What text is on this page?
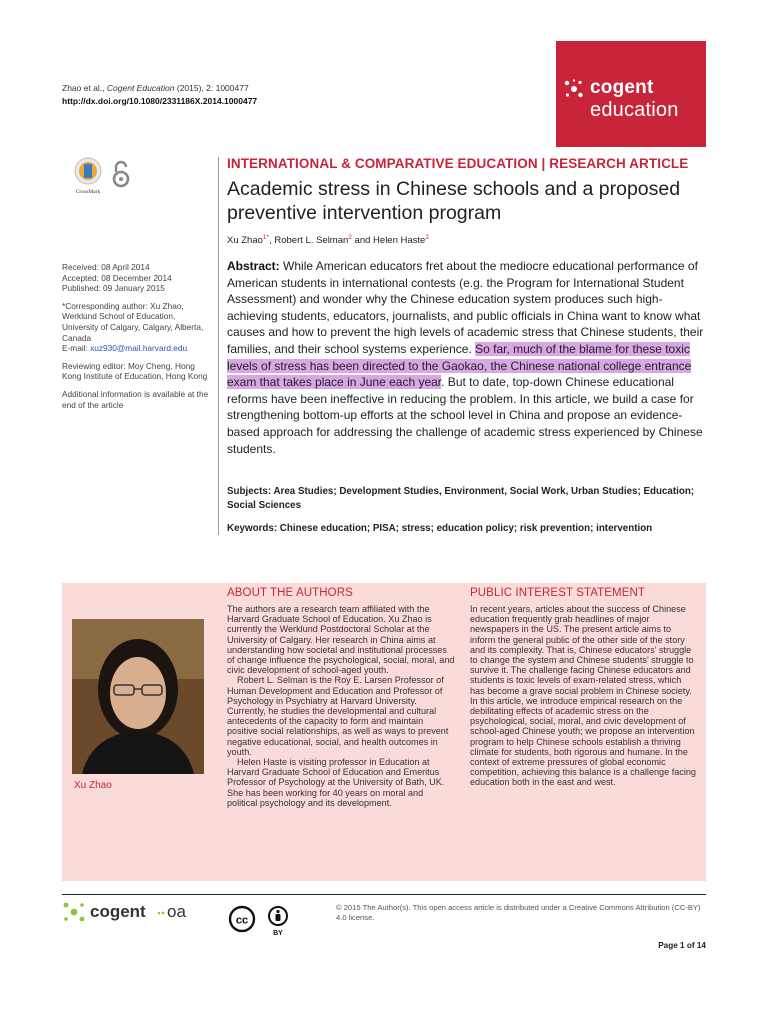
Zhao et al., Cogent Education (2015), 2: 1000477
http://dx.doi.org/10.1080/2331186X.2014.1000477
cogent
education
CrossMark

Received: 08 April 2014
Accepted: 08 December 2014
Published: 09 January 2015

*Corresponding author: Xu Zhao, Werklund School of Education, University of Calgary, Calgary, Alberta, Canada
E-mail: xuz930@mail.harvard.edu

Reviewing editor: Moy Cheng, Hong Kong Institute of Education, Hong Kong

Additional information is available at the end of the article

INTERNATIONAL & COMPARATIVE EDUCATION | RESEARCH ARTICLE
Academic stress in Chinese schools and a proposed preventive intervention program
Xu Zhao$^{1*}$, Robert L. Selman$^2$ and Helen Haste$^2$
Abstract: While American educators fret about the mediocre educational performance of American students in international contests (e.g. the Program for International Student Assessment) and wonder why the Chinese education system produces such high-achieving students, educators, journalists, and public officials in China want to know what causes and how to prevent the high levels of academic stress that Chinese students, their families, and their school systems experience. So far, much of the blame for these toxic levels of stress has been directed to the Gaokao, the Chinese national college entrance exam that takes place in June each year. But to date, top-down Chinese educational reforms have been ineffective in reducing the problem. In this article, we build a case for strengthening bottom-up efforts at the school level in China and propose an evidence-based approach for addressing the challenge of academic stress experienced by Chinese students.
Subjects: Area Studies; Development Studies, Environment, Social Work, Urban Studies; Education; Social Sciences
Keywords: Chinese education; PISA; stress; education policy; risk prevention; intervention
Xu Zhao
ABOUT THE AUTHORS

The authors are a research team affiliated with the Harvard Graduate School of Education. Xu Zhao is currently the Werklund Postdoctoral Scholar at the University of Calgary. Her research in China aims at understanding how societal and institutional processes of change influence the psychological, social, moral, and civic development of school-aged youth.

Robert L. Selman is the Roy E. Larsen Professor of Human Development and Education and Professor of Psychology in Psychiatry at Harvard University. Currently, he studies the developmental and cultural antecedents of the capacity to form and maintain positive social relationships, as well as ways to prevent negative educational, social, and health outcomes in youth.

Helen Haste is visiting professor in Education at Harvard Graduate School of Education and Emeritus Professor of Psychology at the University of Bath, UK. She has been working for 40 years on moral and political psychology and its development.

PUBLIC INTEREST STATEMENT

In recent years, articles about the success of Chinese education frequently grab headlines of major newspapers in the US. The present article aims to inform the general public of the other side of the story and its complexity. That is, Chinese educators’ struggle to change the system and Chinese students’ struggle to survive it. The challenge facing Chinese educators and students is toxic levels of exam-related stress, which has become a grave social problem in Chinese society. In this article, we introduce empirical research on the debilitating effects of academic stress on the psychological, social, moral, and civic development of school-aged Chinese youth; we propose an intervention program to help Chinese schools establish a thriving climate for students, both rigorous and humane. In the context of extreme pressures of global economic competition, achieving this balance is a challenge facing education both in the east and west.

cogent oa	cc
BY
© 2015 The Author(s). This open access article is distributed under a Creative Commons Attribution (CC-BY) 4.0 license.
Page 1 of 14
